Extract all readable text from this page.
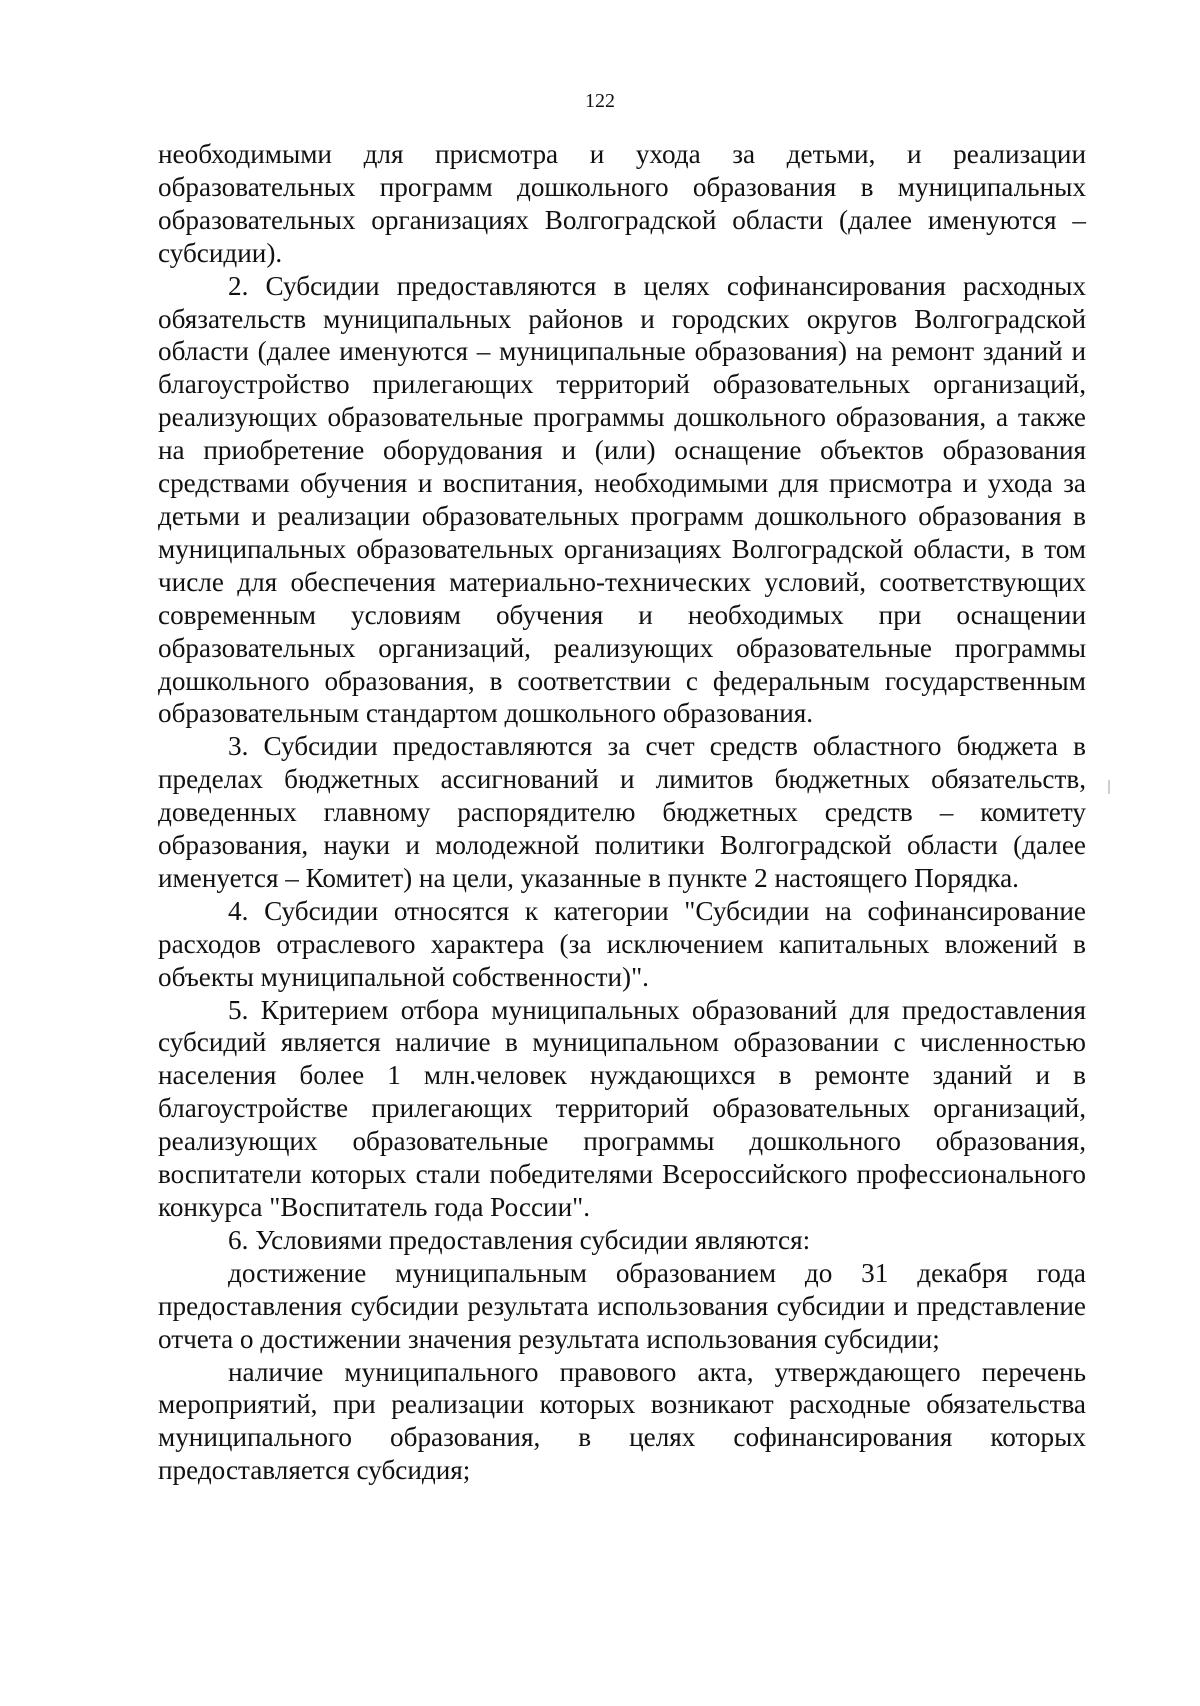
122

необходимыми для присмотра и ухода за детьми, и реализации образовательных программ дошкольного образования в муниципальных образовательных организациях Волгоградской области (далее именуются – субсидии).

2. Субсидии предоставляются в целях софинансирования расходных обязательств муниципальных районов и городских округов Волгоградской области (далее именуются – муниципальные образования) на ремонт зданий и благоустройство прилегающих территорий образовательных организаций, реализующих образовательные программы дошкольного образования, а также на приобретение оборудования и (или) оснащение объектов образования средствами обучения и воспитания, необходимыми для присмотра и ухода за детьми и реализации образовательных программ дошкольного образования в муниципальных образовательных организациях Волгоградской области, в том числе для обеспечения материально-технических условий, соответствующих современным условиям обучения и необходимых при оснащении образовательных организаций, реализующих образовательные программы дошкольного образования, в соответствии с федеральным государственным образовательным стандартом дошкольного образования.

3. Субсидии предоставляются за счет средств областного бюджета в пределах бюджетных ассигнований и лимитов бюджетных обязательств, доведенных главному распорядителю бюджетных средств – комитету образования, науки и молодежной политики Волгоградской области (далее именуется – Комитет) на цели, указанные в пункте 2 настоящего Порядка.

4. Субсидии относятся к категории "Субсидии на софинансирование расходов отраслевого характера (за исключением капитальных вложений в объекты муниципальной собственности)".

5. Критерием отбора муниципальных образований для предоставления субсидий является наличие в муниципальном образовании с численностью населения более 1 млн.человек нуждающихся в ремонте зданий и в благоустройстве прилегающих территорий образовательных организаций, реализующих образовательные программы дошкольного образования, воспитатели которых стали победителями Всероссийского профессионального конкурса "Воспитатель года России".

6. Условиями предоставления субсидии являются:

достижение муниципальным образованием до 31 декабря года предоставления субсидии результата использования субсидии и представление отчета о достижении значения результата использования субсидии;

наличие муниципального правового акта, утверждающего перечень мероприятий, при реализации которых возникают расходные обязательства муниципального образования, в целях софинансирования которых предоставляется субсидия;
